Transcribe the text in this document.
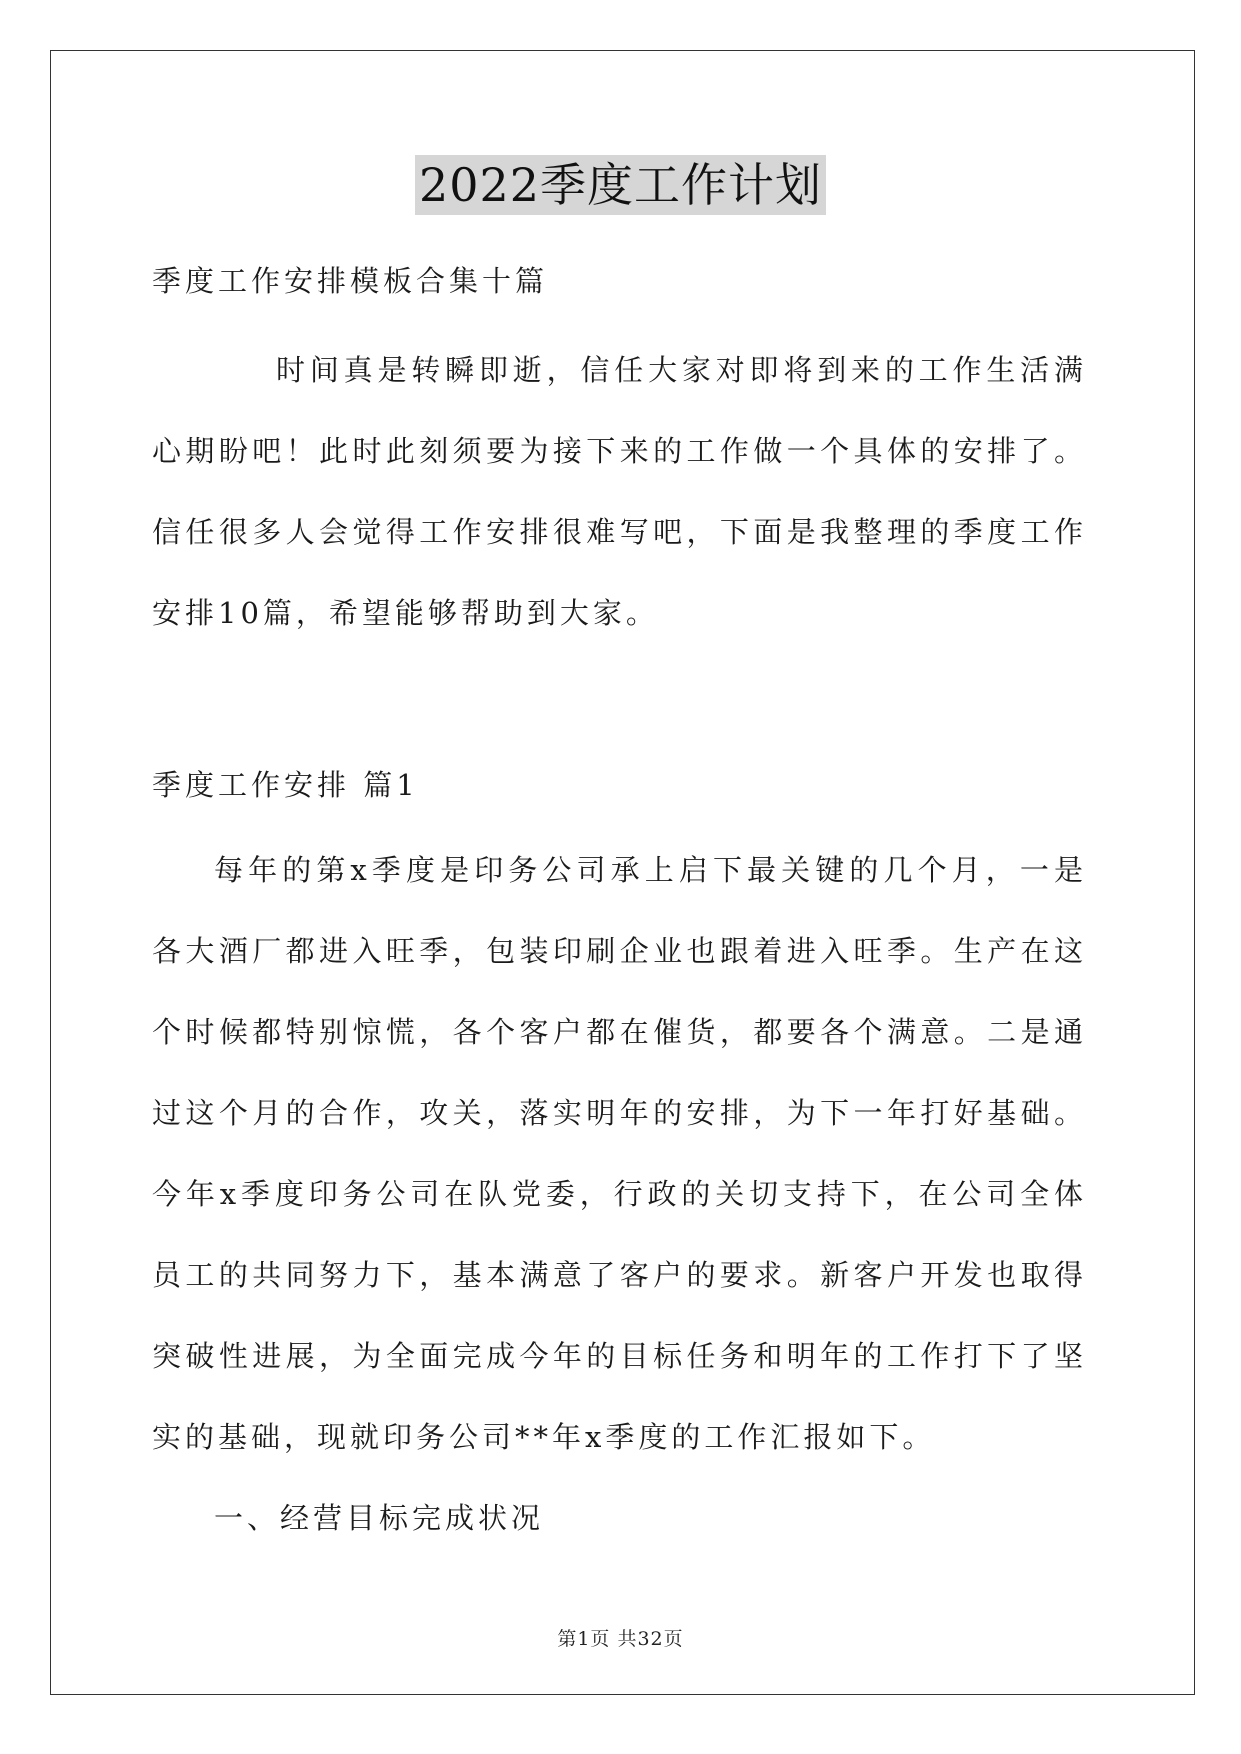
2022季度工作计划

季度工作安排模板合集十篇

时间真是转瞬即逝，信任大家对即将到来的工作生活满心期盼吧！此时此刻须要为接下来的工作做一个具体的安排了。信任很多人会觉得工作安排很难写吧，下面是我整理的季度工作安排10篇，希望能够帮助到大家。

季度工作安排 篇1

每年的第x季度是印务公司承上启下最关键的几个月，一是各大酒厂都进入旺季，包装印刷企业也跟着进入旺季。生产在这个时候都特别惊慌，各个客户都在催货，都要各个满意。二是通过这个月的合作，攻关，落实明年的安排，为下一年打好基础。今年x季度印务公司在队党委，行政的关切支持下，在公司全体员工的共同努力下，基本满意了客户的要求。新客户开发也取得突破性进展，为全面完成今年的目标任务和明年的工作打下了坚实的基础，现就印务公司**年x季度的工作汇报如下。

一、经营目标完成状况

第1页 共32页
